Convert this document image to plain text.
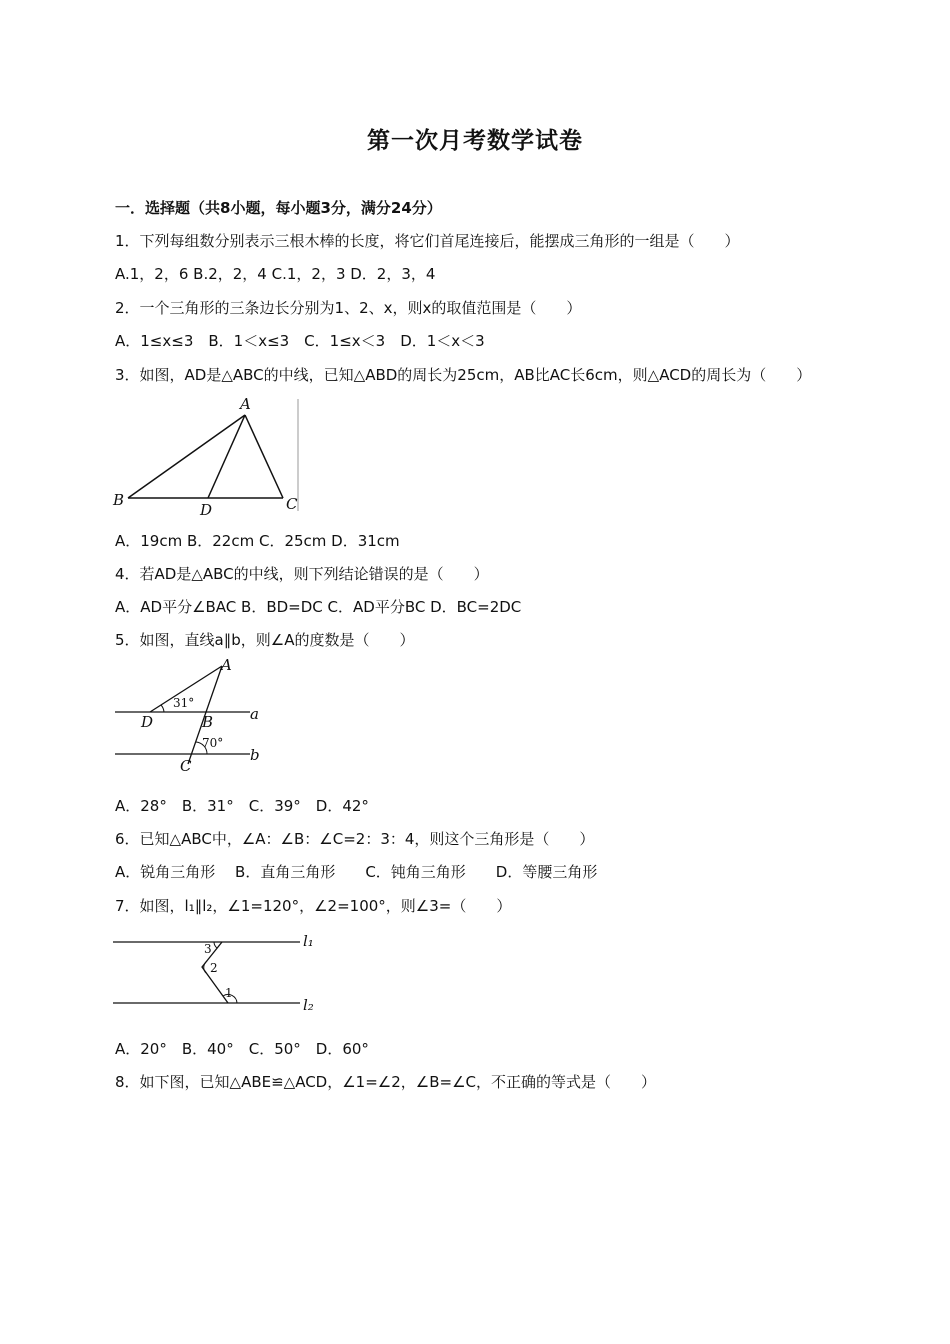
第一次月考数学试卷
一．选择题（共8小题，每小题3分，满分24分）
1．下列每组数分别表示三根木棒的长度，将它们首尾连接后，能摆成三角形的一组是（　　）
A.1，2，6 B.2，2，4 C.1，2，3 D．2，3，4
2．一个三角形的三条边长分别为1、2、x，则x的取值范围是（　　）
A．1≤x≤3　B．1＜x≤3　C．1≤x＜3　D．1＜x＜3
3．如图，AD是△ABC的中线，已知△ABD的周长为25cm，AB比AC长6cm，则△ACD的周长为（　　）
A
B
D	C
A．19cm B．22cm C．25cm D．31cm
4．若AD是△ABC的中线，则下列结论错误的是（　　）
A．AD平分∠BAC B．BD=DC C．AD平分BC D．BC=2DC
5．如图，直线a∥b，则∠A的度数是（　　）
A
D	B a
C
b
31°
70°
A．28°　B．31°　C．39°　D．42°
6．已知△ABC中，∠A：∠B：∠C=2：3：4，则这个三角形是（　　）
A．锐角三角形　 B．直角三角形　　C．钝角三角形　　D．等腰三角形
7．如图，l₁∥l₂，∠1=120°，∠2=100°，则∠3=（　　）
3
2
1
l₁
l₂
A．20°　B．40°　C．50°　D．60°
8．如下图，已知△ABE≌△ACD，∠1=∠2，∠B=∠C，不正确的等式是（　　）
